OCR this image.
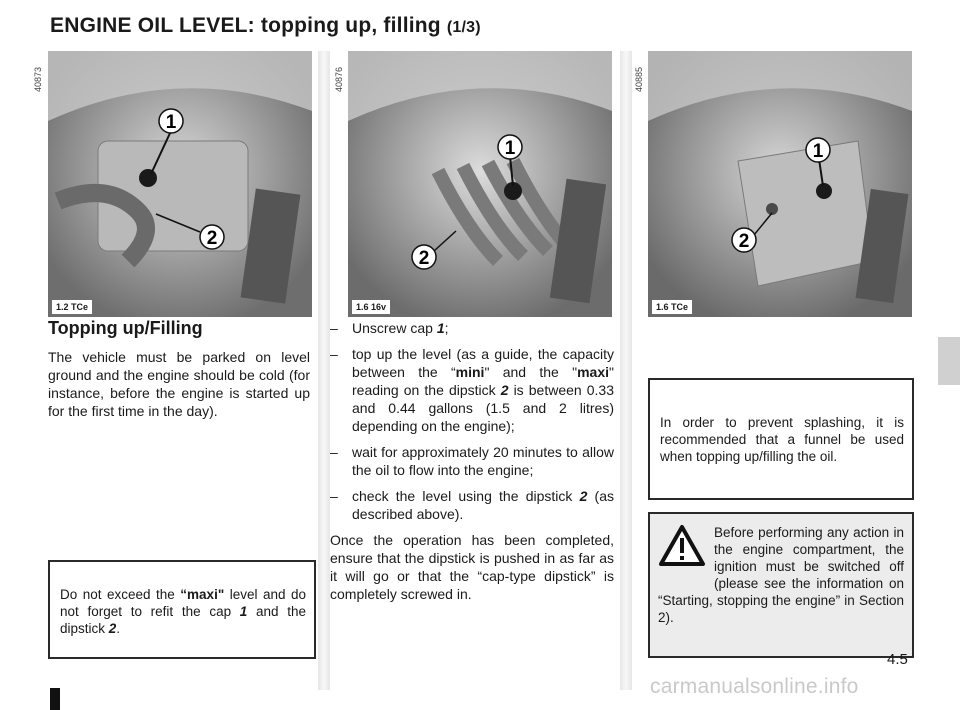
ENGINE OIL LEVEL: topping up, filling (1/3)
40873	40876	40885
1
2
1.2 TCe
1
2
1.6 16v
1
2
1.6 TCe
Topping up/Filling
The vehicle must be parked on level ground and the engine should be cold (for instance, before the engine is started up for the first time in the day).

Do not exceed the “maxi" level and do not forget to refit the cap 1 and the dipstick 2.

– Unscrew cap 1;
– top up the level (as a guide, the capacity between the “mini" and the "maxi" reading on the dipstick 2 is between 0.33 and 0.44 gallons (1.5 and 2 litres) depending on the engine);
– wait for approximately 20 minutes to allow the oil to flow into the engine;
– check the level using the dipstick 2 (as described above).
Once the operation has been completed, ensure that the dipstick is pushed in as far as it will go or that the “cap-type dipstick” is completely screwed in.

In order to prevent splashing, it is recommended that a funnel be used when topping up/filling the oil.

Before performing any action in the engine compartment, the ignition must be switched off (please see the information on “Starting, stopping the engine” in Section 2).

4.5
carmanualsonline.info
